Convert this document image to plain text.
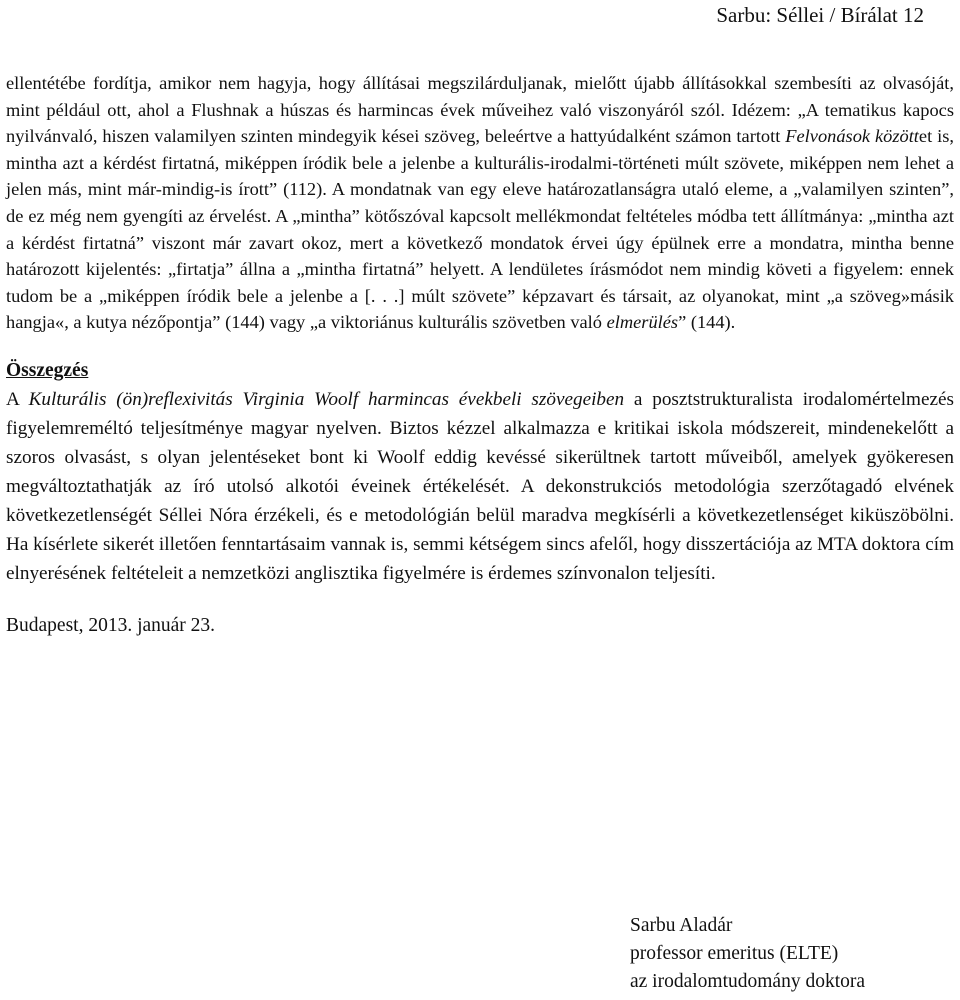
Sarbu: Séllei / Bírálat 12

ellentétébe fordítja, amikor nem hagyja, hogy állításai megszilárduljanak, mielőtt újabb állításokkal szembesíti az olvasóját, mint például ott, ahol a Flushnak a húszas és harmincas évek műveihez való viszonyáról szól. Idézem: „A tematikus kapocs nyilvánvaló, hiszen valamilyen szinten mindegyik kései szöveg, beleértve a hattyúdalként számon tartott Felvonások közöttet is, mintha azt a kérdést firtatná, miképpen íródik bele a jelenbe a kulturális-irodalmi-történeti múlt szövete, miképpen nem lehet a jelen más, mint már-mindig-is írott” (112). A mondatnak van egy eleve határozatlanságra utaló eleme, a „valamilyen szinten”, de ez még nem gyengíti az érvelést. A „mintha” kötőszóval kapcsolt mellékmondat feltételes módba tett állítmánya: „mintha azt a kérdést firtatná” viszont már zavart okoz, mert a következő mondatok érvei úgy épülnek erre a mondatra, mintha benne határozott kijelentés: „firtatja” állna a „mintha firtatná” helyett. A lendületes írásmódot nem mindig követi a figyelem: ennek tudom be a „miképpen íródik bele a jelenbe a [. . .] múlt szövete” képzavart és társait, az olyanokat, mint „a szöveg»másik hangja«, a kutya nézőpontja” (144) vagy „a viktoriánus kulturális szövetben való elmerülés” (144).

Összegzés

A Kulturális (ön)reflexivitás Virginia Woolf harmincas évekbeli szövegeiben a posztstrukturalista irodalomértelmezés figyelemreméltó teljesítménye magyar nyelven. Biztos kézzel alkalmazza e kritikai iskola módszereit, mindenekelőtt a szoros olvasást, s olyan jelentéseket bont ki Woolf eddig kevéssé sikerültnek tartott műveiből, amelyek gyökeresen megváltoztathatják az író utolsó alkotói éveinek értékelését. A dekonstrukciós metodológia szerzőtagadó elvének következetlenségét Séllei Nóra érzékeli, és e metodológián belül maradva megkísérli a következetlenséget kiküszöbölni. Ha kísérlete sikerét illetően fenntartásaim vannak is, semmi kétségem sincs afelől, hogy disszertációja az MTA doktora cím elnyerésének feltételeit a nemzetközi anglisztika figyelmére is érdemes színvonalon teljesíti.

Budapest, 2013. január 23.
Sarbu Aladár
professor emeritus (ELTE)
az irodalomtudomány doktora
